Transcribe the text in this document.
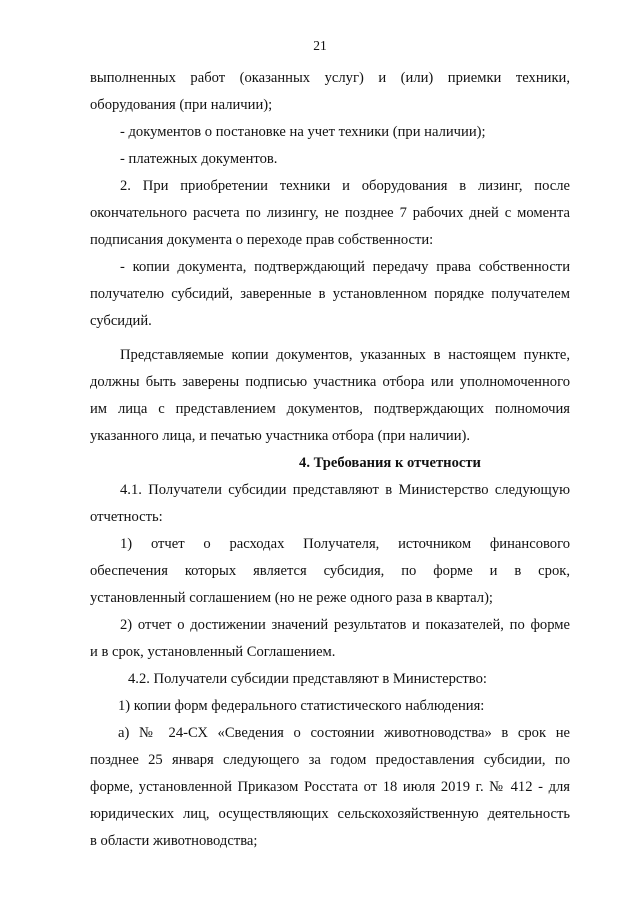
21
выполненных работ (оказанных услуг) и (или) приемки техники,
оборудования (при наличии);
- документов о постановке на учет техники (при наличии);
- платежных документов.
2. При приобретении техники и оборудования в лизинг, после
окончательного расчета по лизингу, не позднее 7 рабочих дней с момента
подписания документа о переходе прав собственности:
- копии документа, подтверждающий передачу права собственности
получателю субсидий, заверенные в установленном порядке получателем
субсидий.
Представляемые копии документов, указанных в настоящем пункте,
должны быть заверены подписью участника отбора или уполномоченного
им лица с представлением документов, подтверждающих полномочия
указанного лица, и печатью участника отбора (при наличии).
4. Требования к отчетности
4.1. Получатели субсидии представляют в Министерство следующую
отчетность:
1) отчет о расходах Получателя, источником финансового
обеспечения которых является субсидия, по форме и в срок,
установленный соглашением (но не реже одного раза в квартал);
2) отчет о достижении значений результатов и показателей, по форме
и в срок, установленный Соглашением.
4.2. Получатели субсидии представляют в Министерство:
1) копии форм федерального статистического наблюдения:
а) № 24-СХ «Сведения о состоянии животноводства» в срок не
позднее 25 января следующего за годом предоставления субсидии, по
форме, установленной Приказом Росстата от 18 июля 2019 г. № 412 - для
юридических лиц, осуществляющих сельскохозяйственную деятельность
в области животноводства;
